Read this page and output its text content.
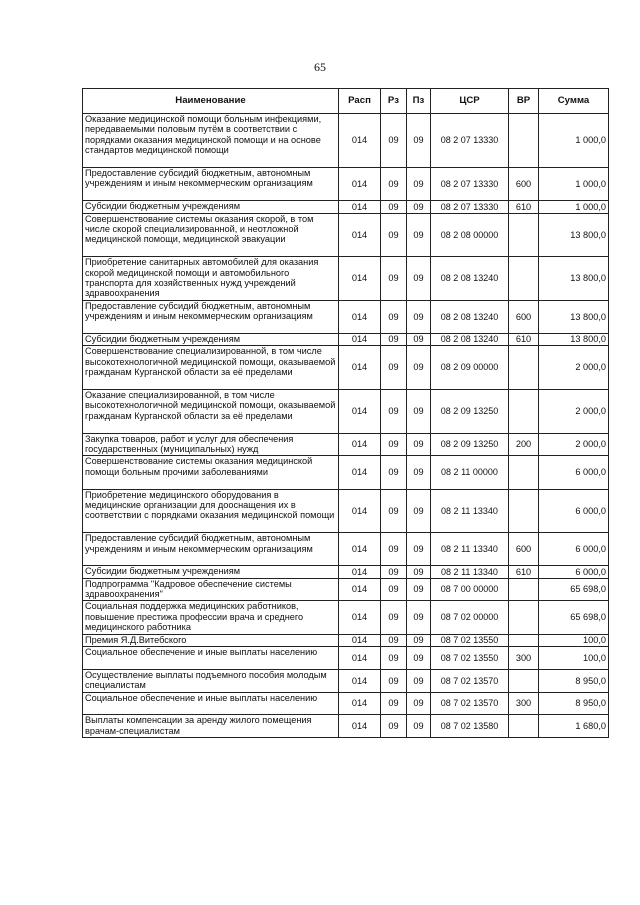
65
Наименование	Расп	Рз	Пз	ЦСР	ВР	Сумма
Оказание медицинской помощи больным инфекциями, передаваемыми половым путём в соответствии с порядками оказания медицинской помощи и на основе стандартов медицинской помощи	014	09	09	08 2 07 13330		1 000,0
Предоставление субсидий бюджетным, автономным учреждениям и иным некоммерческим организациям	014	09	09	08 2 07 13330	600	1 000,0
Субсидии бюджетным учреждениям	014	09	09	08 2 07 13330	610	1 000,0
Совершенствование системы оказания скорой, в том числе скорой специализированной, и неотложной медицинской помощи, медицинской эвакуации	014	09	09	08 2 08 00000		13 800,0
Приобретение санитарных автомобилей для оказания скорой медицинской помощи и автомобильного транспорта для хозяйственных нужд учреждений здравоохранения	014	09	09	08 2 08 13240		13 800,0
Предоставление субсидий бюджетным, автономным учреждениям и иным некоммерческим организациям	014	09	09	08 2 08 13240	600	13 800,0
Субсидии бюджетным учреждениям	014	09	09	08 2 08 13240	610	13 800,0
Совершенствование специализированной, в том числе высокотехнологичной медицинской помощи, оказываемой гражданам Курганской области за её пределами	014	09	09	08 2 09 00000		2 000,0
Оказание специализированной, в том числе высокотехнологичной медицинской помощи, оказываемой гражданам Курганской области за её пределами	014	09	09	08 2 09 13250		2 000,0
Закупка товаров, работ и услуг для обеспечения государственных (муниципальных) нужд	014	09	09	08 2 09 13250	200	2 000,0
Совершенствование системы оказания медицинской помощи больным прочими заболеваниями	014	09	09	08 2 11 00000		6 000,0
Приобретение медицинского оборудования в медицинские организации для дооснащения их в соответствии с порядками оказания медицинской помощи	014	09	09	08 2 11 13340		6 000,0
Предоставление субсидий бюджетным, автономным учреждениям и иным некоммерческим организациям	014	09	09	08 2 11 13340	600	6 000,0
Субсидии бюджетным учреждениям	014	09	09	08 2 11 13340	610	6 000,0
Подпрограмма "Кадровое обеспечение системы здравоохранения"	014	09	09	08 7 00 00000		65 698,0
Социальная поддержка медицинских работников, повышение престижа профессии врача и среднего медицинского работника	014	09	09	08 7 02 00000		65 698,0
Премия Я.Д.Витебского	014	09	09	08 7 02 13550		100,0
Социальное обеспечение и иные выплаты населению	014	09	09	08 7 02 13550	300	100,0
Осуществление выплаты подъемного пособия молодым специалистам	014	09	09	08 7 02 13570		8 950,0
Социальное обеспечение и иные выплаты населению	014	09	09	08 7 02 13570	300	8 950,0
Выплаты компенсации за аренду жилого помещения врачам-специалистам	014	09	09	08 7 02 13580		1 680,0
